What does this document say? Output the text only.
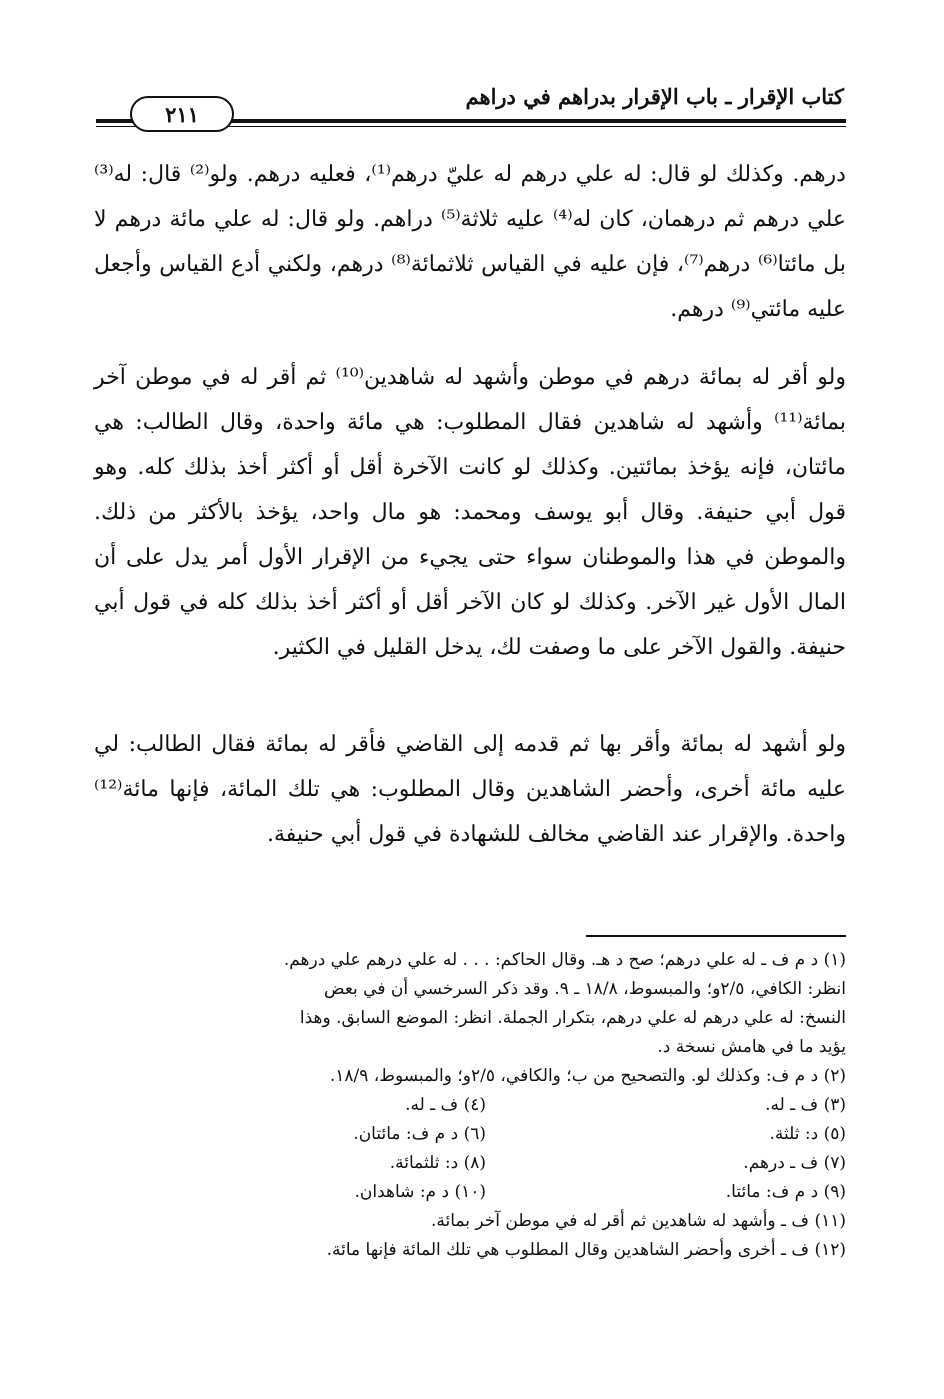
كتاب الإقرار ـ باب الإقرار بدراهم في دراهم
٢١١
درهم. وكذلك لو قال: له علي درهم له عليّ درهم⁽¹⁾، فعليه درهم. ولو⁽²⁾ قال: له⁽³⁾ علي درهم ثم درهمان، كان له⁽⁴⁾ عليه ثلاثة⁽⁵⁾ دراهم. ولو قال: له علي مائة درهم لا بل مائتا⁽⁶⁾ درهم⁽⁷⁾، فإن عليه في القياس ثلاثمائة⁽⁸⁾ درهم، ولكني أدع القياس وأجعل عليه مائتي⁽⁹⁾ درهم.
ولو أقر له بمائة درهم في موطن وأشهد له شاهدين⁽¹⁰⁾ ثم أقر له في موطن آخر بمائة⁽¹¹⁾ وأشهد له شاهدين فقال المطلوب: هي مائة واحدة، وقال الطالب: هي مائتان، فإنه يؤخذ بمائتين. وكذلك لو كانت الآخرة أقل أو أكثر أخذ بذلك كله. وهو قول أبي حنيفة. وقال أبو يوسف ومحمد: هو مال واحد، يؤخذ بالأكثر من ذلك. والموطن في هذا والموطنان سواء حتى يجيء من الإقرار الأول أمر يدل على أن المال الأول غير الآخر. وكذلك لو كان الآخر أقل أو أكثر أخذ بذلك كله في قول أبي حنيفة. والقول الآخر على ما وصفت لك، يدخل القليل في الكثير.
ولو أشهد له بمائة وأقر بها ثم قدمه إلى القاضي فأقر له بمائة فقال الطالب: لي عليه مائة أخرى، وأحضر الشاهدين وقال المطلوب: هي تلك المائة، فإنها مائة⁽¹²⁾ واحدة. والإقرار عند القاضي مخالف للشهادة في قول أبي حنيفة.
(١) د م ف ـ له علي درهم؛ صح د هـ. وقال الحاكم: . . . له علي درهم علي درهم.
انظر: الكافي، ٢/٥و؛ والمبسوط، ١٨/٨ ـ ٩. وقد ذكر السرخسي أن في بعض
النسخ: له علي درهم له علي درهم، بتكرار الجملة. انظر: الموضع السابق. وهذا
يؤيد ما في هامش نسخة د.
(٢) د م ف: وكذلك لو. والتصحيح من ب؛ والكافي، ٢/٥و؛ والمبسوط، ١٨/٩.
(٣) ف ـ له.
(٤) ف ـ له.
(٥) د: ثلثة.
(٦) د م ف: مائتان.
(٧) ف ـ درهم.
(٨) د: ثلثمائة.
(٩) د م ف: مائتا.
(١٠) د م: شاهدان.
(١١) ف ـ وأشهد له شاهدين ثم أقر له في موطن آخر بمائة.
(١٢) ف ـ أخرى وأحضر الشاهدين وقال المطلوب هي تلك المائة فإنها مائة.
